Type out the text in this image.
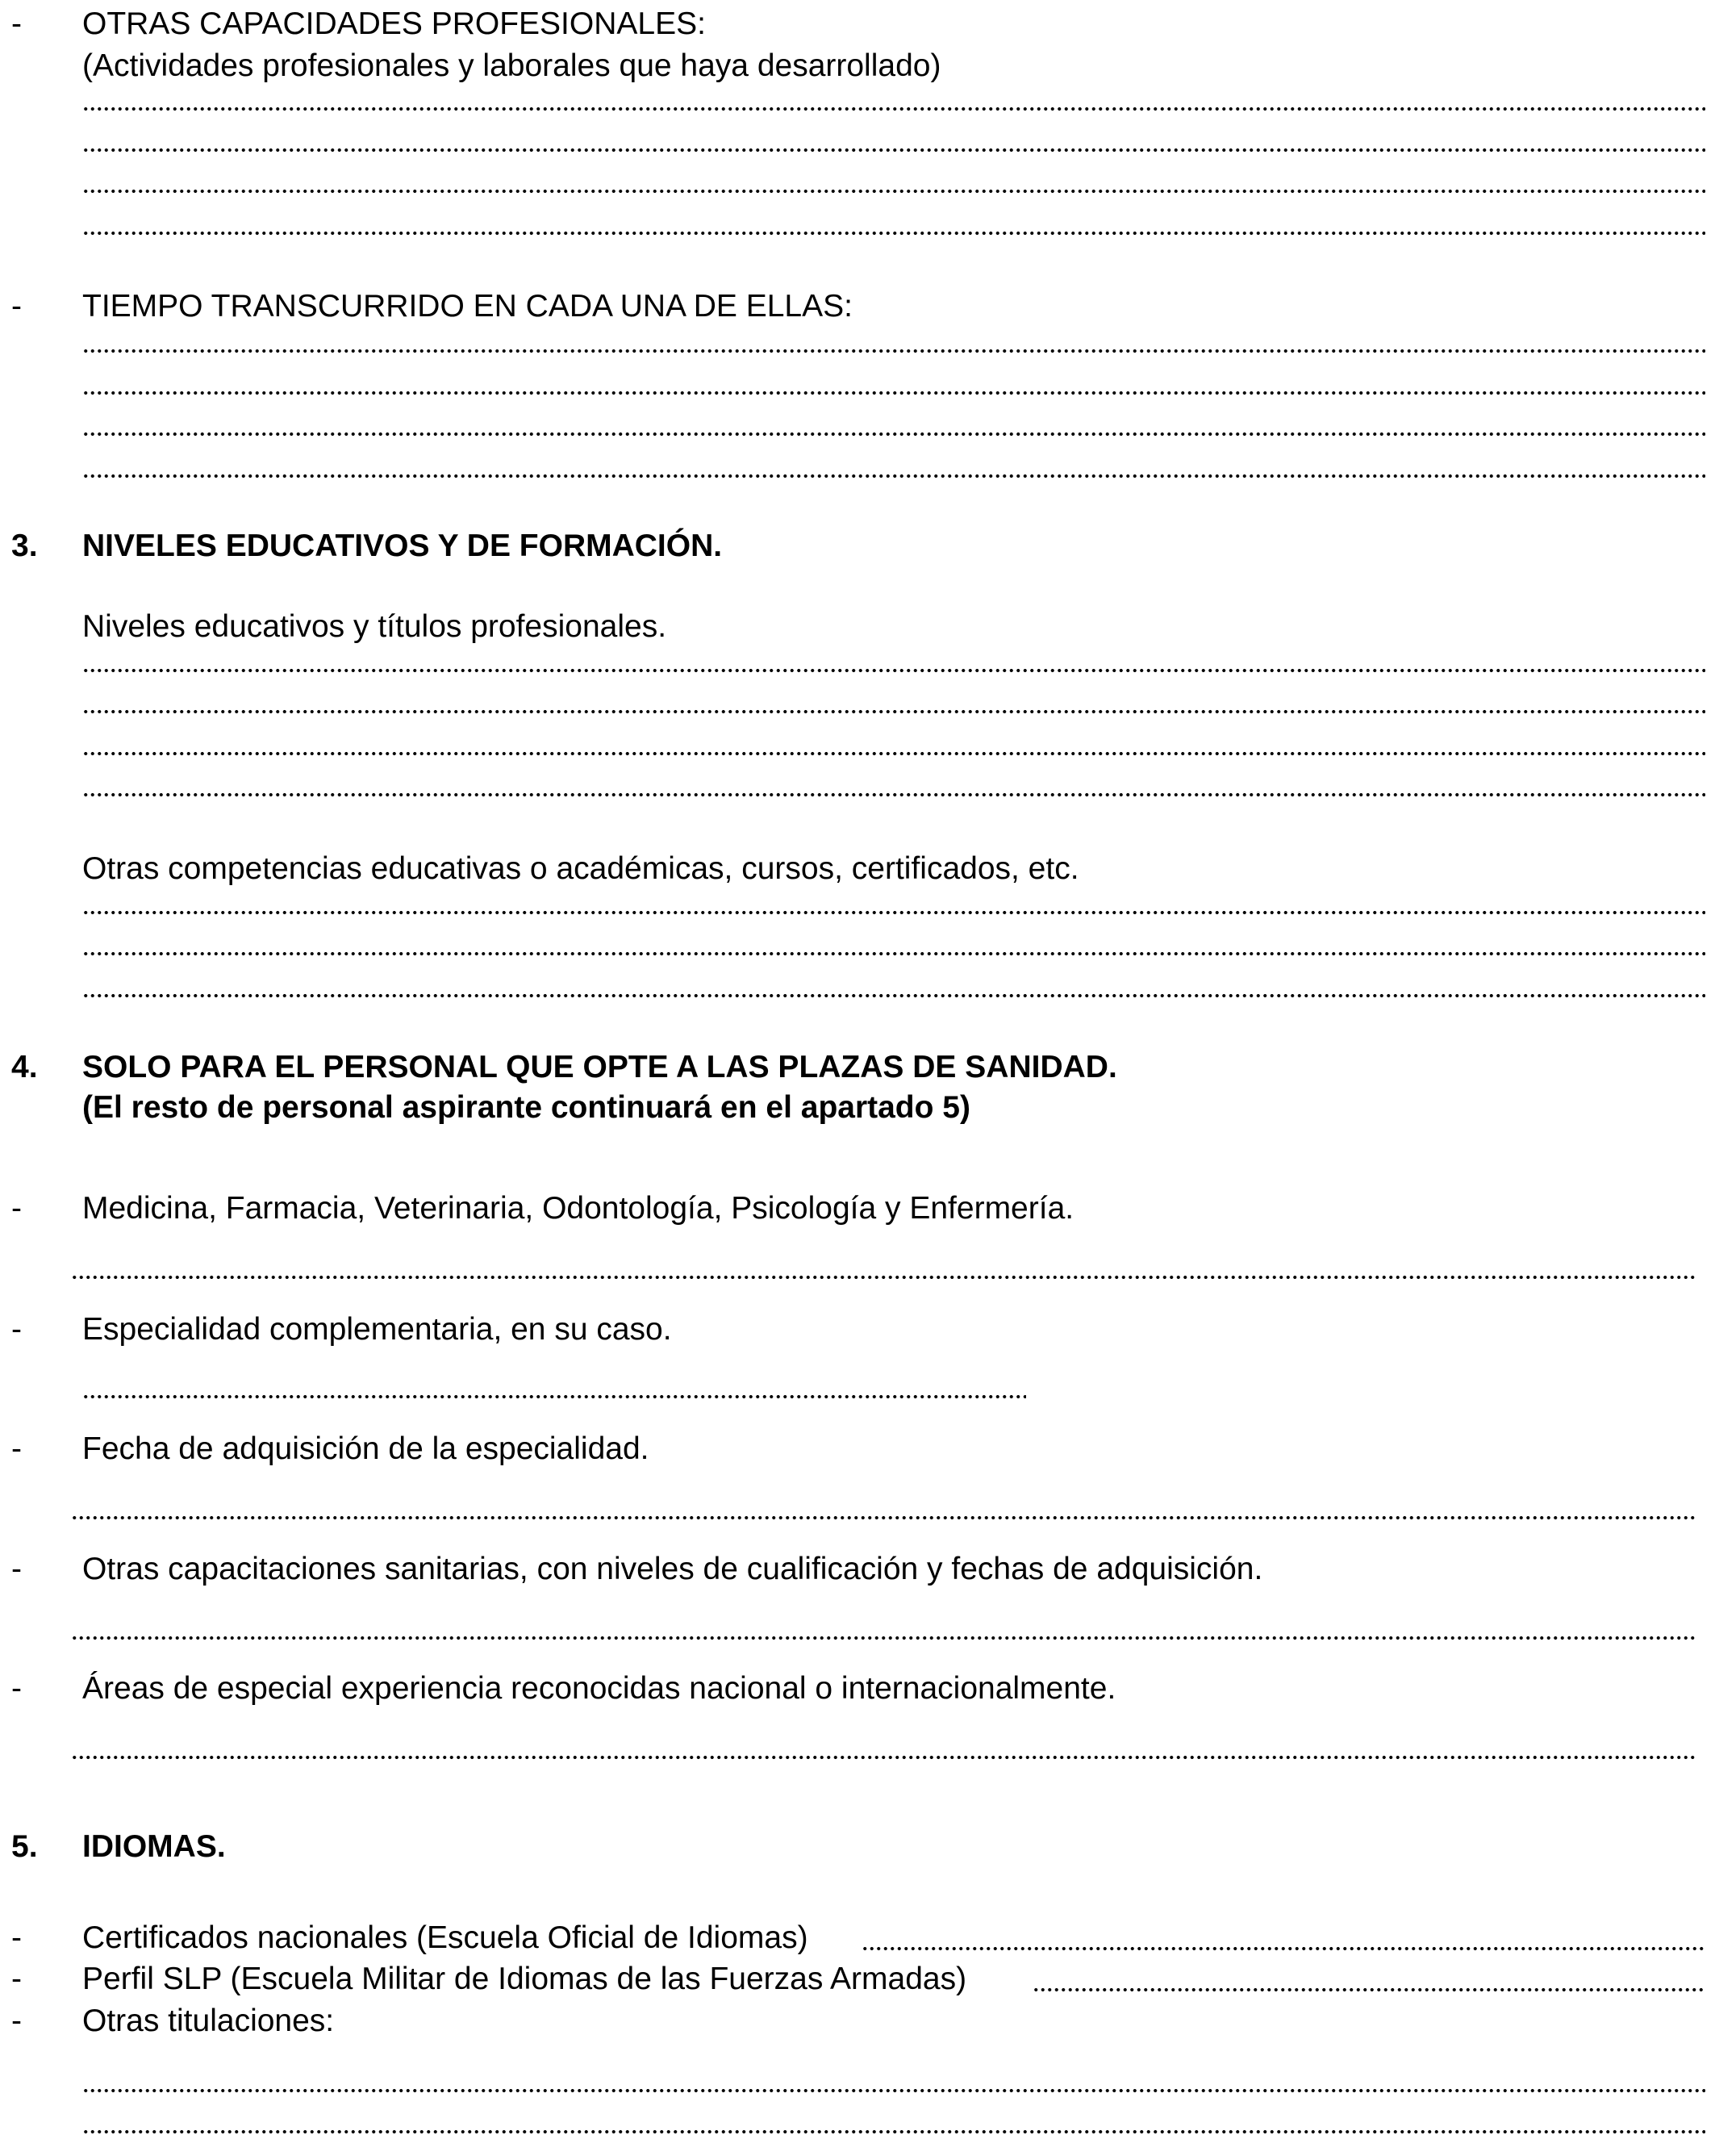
- OTRAS CAPACIDADES PROFESIONALES:
(Actividades profesionales y laborales que haya desarrollado)
- TIEMPO TRANSCURRIDO EN CADA UNA DE ELLAS:
3. NIVELES EDUCATIVOS Y DE FORMACIÓN.
Niveles educativos y títulos profesionales.
Otras competencias educativas o académicas, cursos, certificados, etc.
4. SOLO PARA EL PERSONAL QUE OPTE A LAS PLAZAS DE SANIDAD.
(El resto de personal aspirante continuará en el apartado 5)
- Medicina, Farmacia, Veterinaria, Odontología, Psicología y Enfermería.
- Especialidad complementaria, en su caso.
- Fecha de adquisición de la especialidad.
- Otras capacitaciones sanitarias, con niveles de cualificación y fechas de adquisición.
- Áreas de especial experiencia reconocidas nacional o internacionalmente.
5. IDIOMAS.
- Certificados nacionales (Escuela Oficial de Idiomas)
- Perfil SLP (Escuela Militar de Idiomas de las Fuerzas Armadas)
- Otras titulaciones:
